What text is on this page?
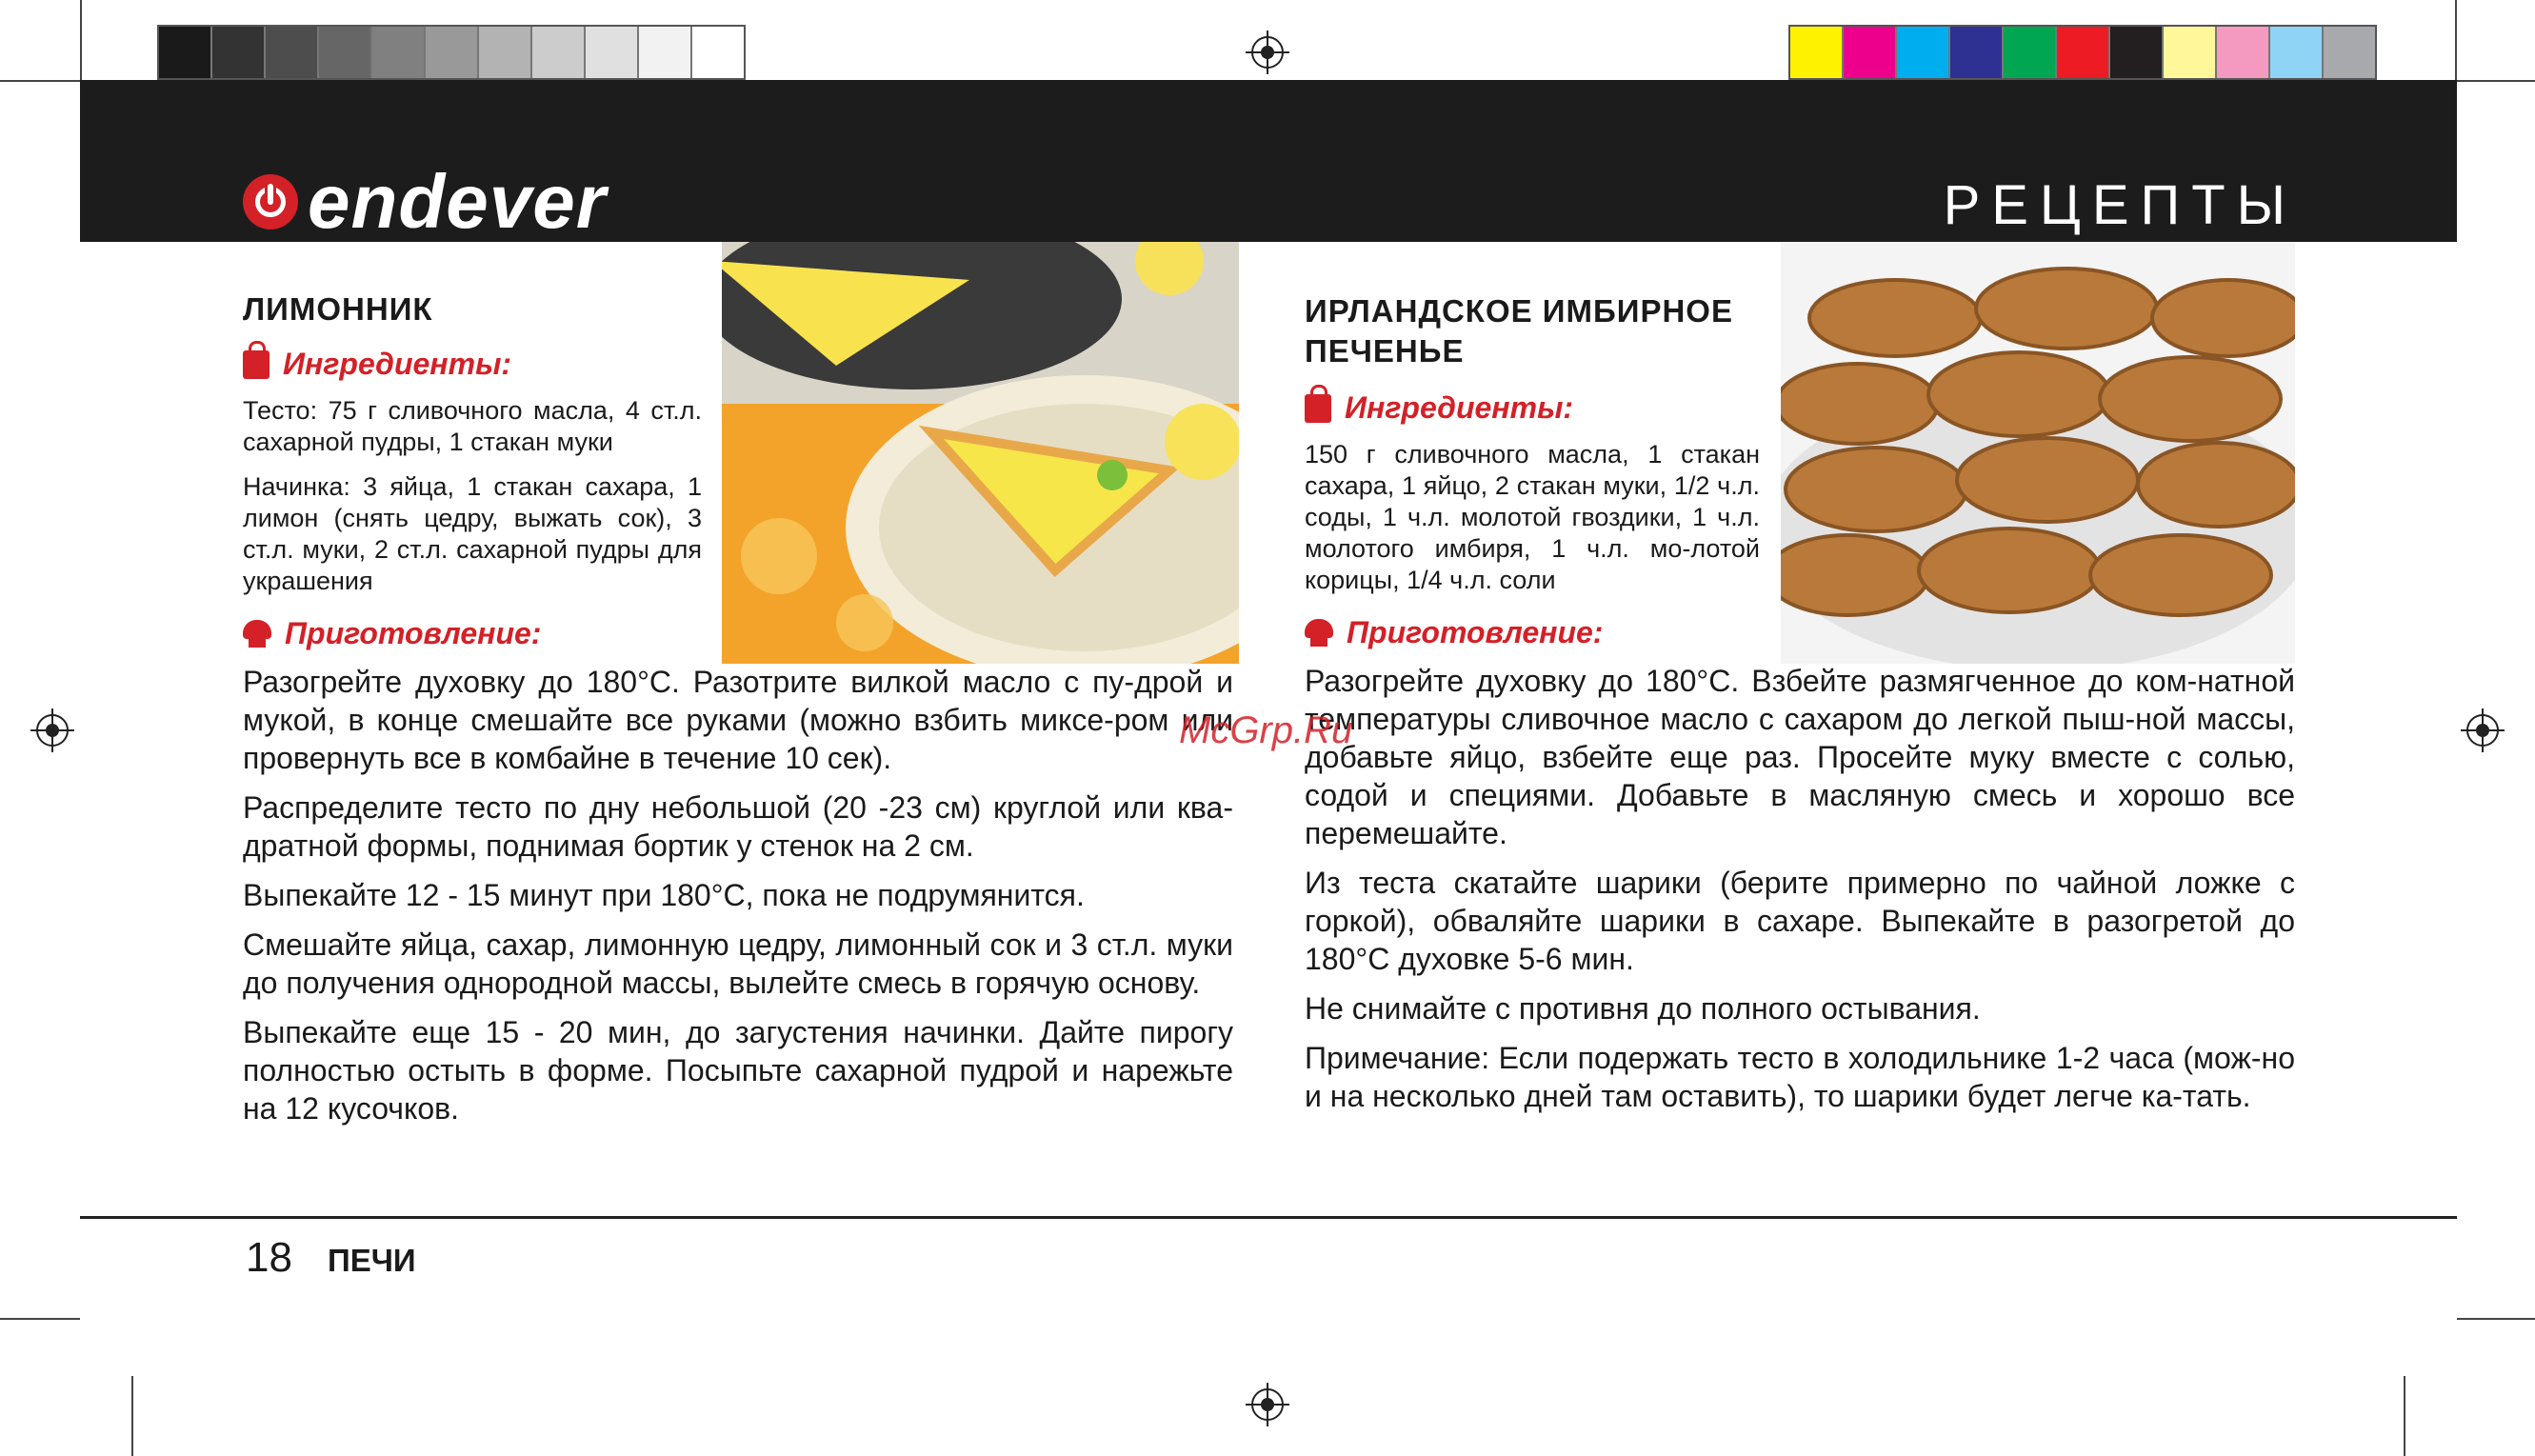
endever	РЕЦЕПТЫ

ЛИМОННИК

Ингредиенты:
Тесто: 75 г сливочного масла, 4 ст.л. сахарной пудры, 1 стакан муки
Начинка: 3 яйца, 1 стакан сахара, 1 лимон (снять цедру, выжать сок), 3 ст.л. муки, 2 ст.л. сахарной пудры для украшения
Приготовление:
Разогрейте духовку до 180°С. Разотрите вилкой масло с пу-дрой и мукой, в конце смешайте все руками (можно взбить миксе-ром или провернуть все в комбайне в течение 10 сек).
Распределите тесто по дну небольшой (20 -23 см) круглой или ква-дратной формы, поднимая бортик у стенок на 2 см.
Выпекайте 12 - 15 минут при 180°С, пока не подрумянится.
Смешайте яйца, сахар, лимонную цедру, лимонный сок и 3 ст.л. муки до получения однородной массы, вылейте смесь в горячую основу.
Выпекайте еще 15 - 20 мин, до загустения начинки. Дайте пирогу полностью остыть в форме. Посыпьте сахарной пудрой и нарежьте на 12 кусочков.

ИРЛАНДСКОЕ ИМБИРНОЕ ПЕЧЕНЬЕ

Ингредиенты:
150 г сливочного масла, 1 стакан сахара, 1 яйцо, 2 стакан муки, 1/2 ч.л. соды, 1 ч.л. молотой гвоздики, 1 ч.л. молотого имбиря, 1 ч.л. мо-лотой корицы, 1/4 ч.л. соли
Приготовление:
Разогрейте духовку до 180°С. Взбейте размягченное до ком-натной температуры сливочное масло с сахаром до легкой пыш-ной массы, добавьте яйцо, взбейте еще раз. Просейте муку вместе с солью, содой и специями. Добавьте в масляную смесь и хорошо все перемешайте.
Из теста скатайте шарики (берите примерно по чайной ложке с горкой), обваляйте шарики в сахаре. Выпекайте в разогретой до 180°С духовке 5-6 мин.
Не снимайте с противня до полного остывания.
Примечание: Если подержать тесто в холодильнике 1-2 часа (мож-но и на несколько дней там оставить), то шарики будет легче ка-тать.
McGrp.Ru
18 ПЕЧИ
